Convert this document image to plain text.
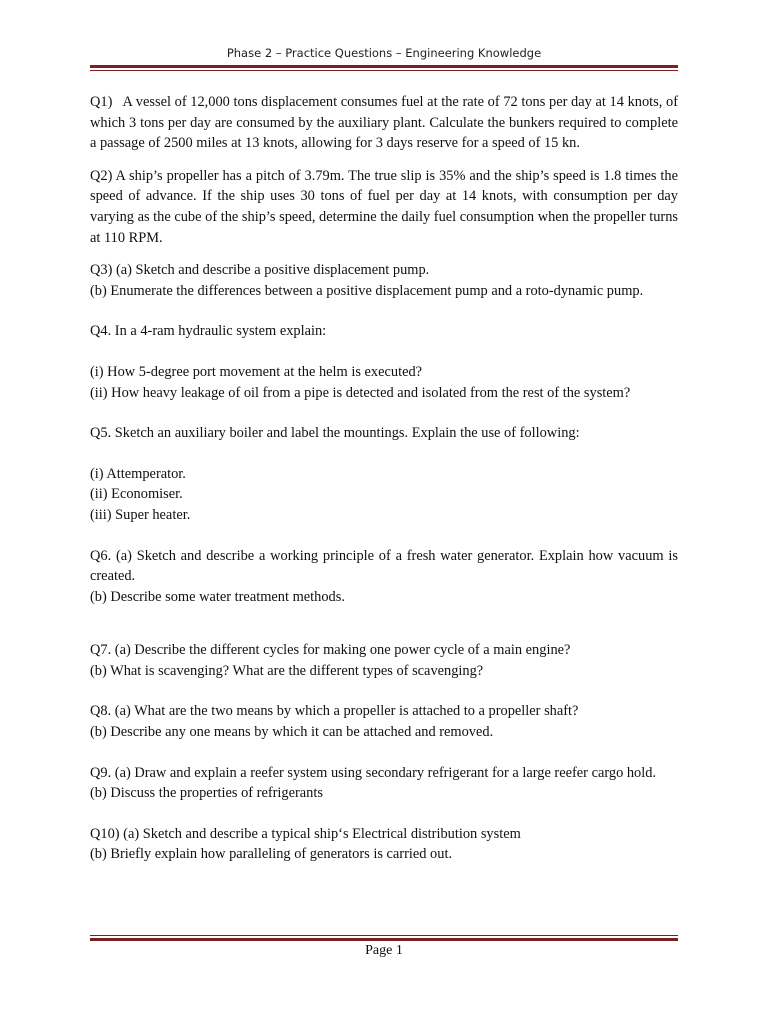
Phase 2 – Practice Questions – Engineering Knowledge

Q1)   A vessel of 12,000 tons displacement consumes fuel at the rate of 72 tons per day at 14 knots, of which 3 tons per day are consumed by the auxiliary plant. Calculate the bunkers required to complete a passage of 2500 miles at 13 knots, allowing for 3 days reserve for a speed of 15 kn.

Q2) A ship’s propeller has a pitch of 3.79m. The true slip is 35% and the ship’s speed is 1.8 times the speed of advance. If the ship uses 30 tons of fuel per day at 14 knots, with consumption per day varying as the cube of the ship’s speed, determine the daily fuel consumption when the propeller turns at 110 RPM.

Q3) (a) Sketch and describe a positive displacement pump.

(b) Enumerate the differences between a positive displacement pump and a roto-dynamic pump.

Q4. In a 4-ram hydraulic system explain:

(i) How 5-degree port movement at the helm is executed?

(ii) How heavy leakage of oil from a pipe is detected and isolated from the rest of the system?

Q5. Sketch an auxiliary boiler and label the mountings. Explain the use of following:

(i) Attemperator.

(ii) Economiser.

(iii) Super heater.

Q6. (a) Sketch and describe a working principle of a fresh water generator. Explain how vacuum is created.

(b) Describe some water treatment methods.

Q7. (a) Describe the different cycles for making one power cycle of a main engine?

(b) What is scavenging? What are the different types of scavenging?

Q8. (a) What are the two means by which a propeller is attached to a propeller shaft?

(b) Describe any one means by which it can be attached and removed.

Q9. (a) Draw and explain a reefer system using secondary refrigerant for a large reefer cargo hold.

(b) Discuss the properties of refrigerants

Q10) (a) Sketch and describe a typical ship‘s Electrical distribution system

(b) Briefly explain how paralleling of generators is carried out.

Page 1
